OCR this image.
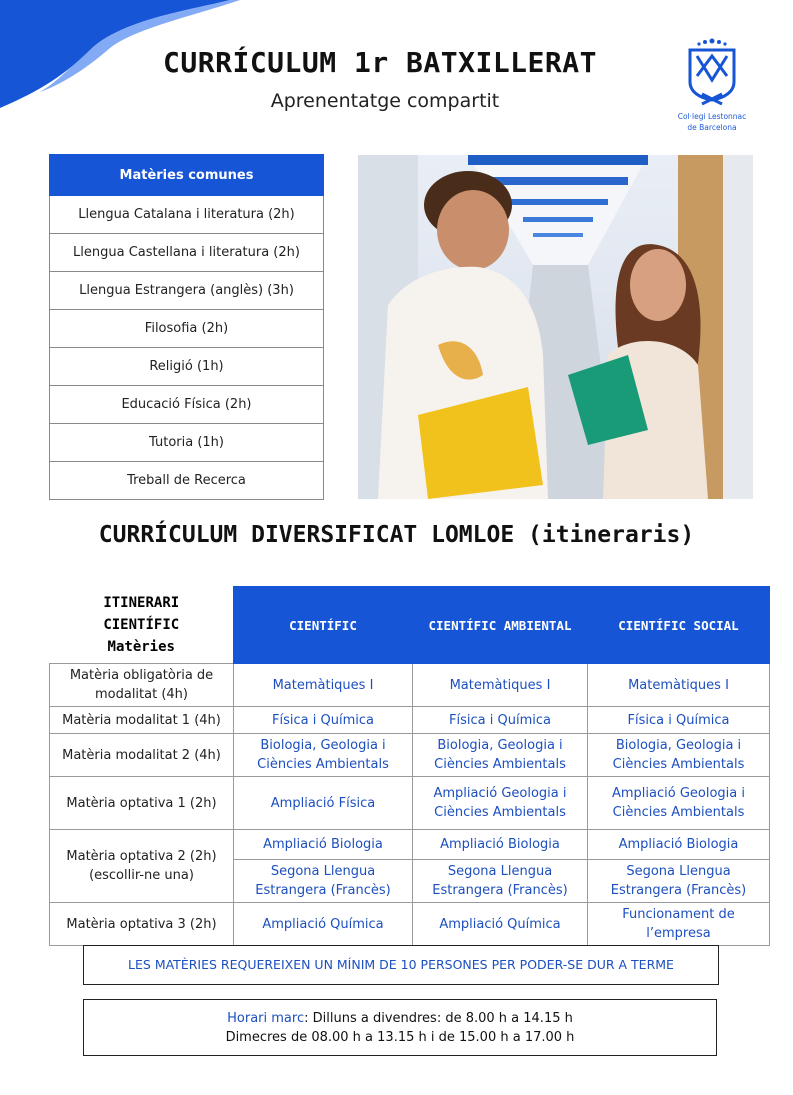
CURRÍCULUM 1r BATXILLERAT
Aprenentatge compartit
Col·legi Lestonnac
de Barcelona
Matèries comunes
Llengua Catalana i literatura (2h)
Llengua Castellana i literatura (2h)
Llengua Estrangera (anglès) (3h)
Filosofia (2h)
Religió (1h)
Educació Física (2h)
Tutoria (1h)
Treball de Recerca
CURRÍCULUM DIVERSIFICAT LOMLOE (itineraris)
ITINERARI
CIENTÍFIC
Matèries	CIENTÍFIC	CIENTÍFIC AMBIENTAL	CIENTÍFIC SOCIAL
Matèria obligatòria de modalitat (4h)	Matemàtiques I	Matemàtiques I	Matemàtiques I
Matèria modalitat 1 (4h)	Física i Química	Física i Química	Física i Química
Matèria modalitat 2 (4h)	Biologia, Geologia i Ciències Ambientals	Biologia, Geologia i Ciències Ambientals	Biologia, Geologia i Ciències Ambientals
Matèria optativa 1 (2h)	Ampliació Física	Ampliació Geologia i Ciències Ambientals	Ampliació Geologia i Ciències Ambientals
Matèria optativa 2 (2h) (escollir-ne una)	Ampliació Biologia	Ampliació Biologia	Ampliació Biologia
	Segona Llengua Estrangera (Francès)	Segona Llengua Estrangera (Francès)	Segona Llengua Estrangera (Francès)
Matèria optativa 3 (2h)	Ampliació Química	Ampliació Química	Funcionament de l’empresa
LES MATÈRIES REQUEREIXEN UN MÍNIM DE 10 PERSONES PER PODER-SE DUR A TERME
Horari marc: Dilluns a divendres: de 8.00 h a 14.15 h
Dimecres de 08.00 h a 13.15 h i de 15.00 h a 17.00 h
